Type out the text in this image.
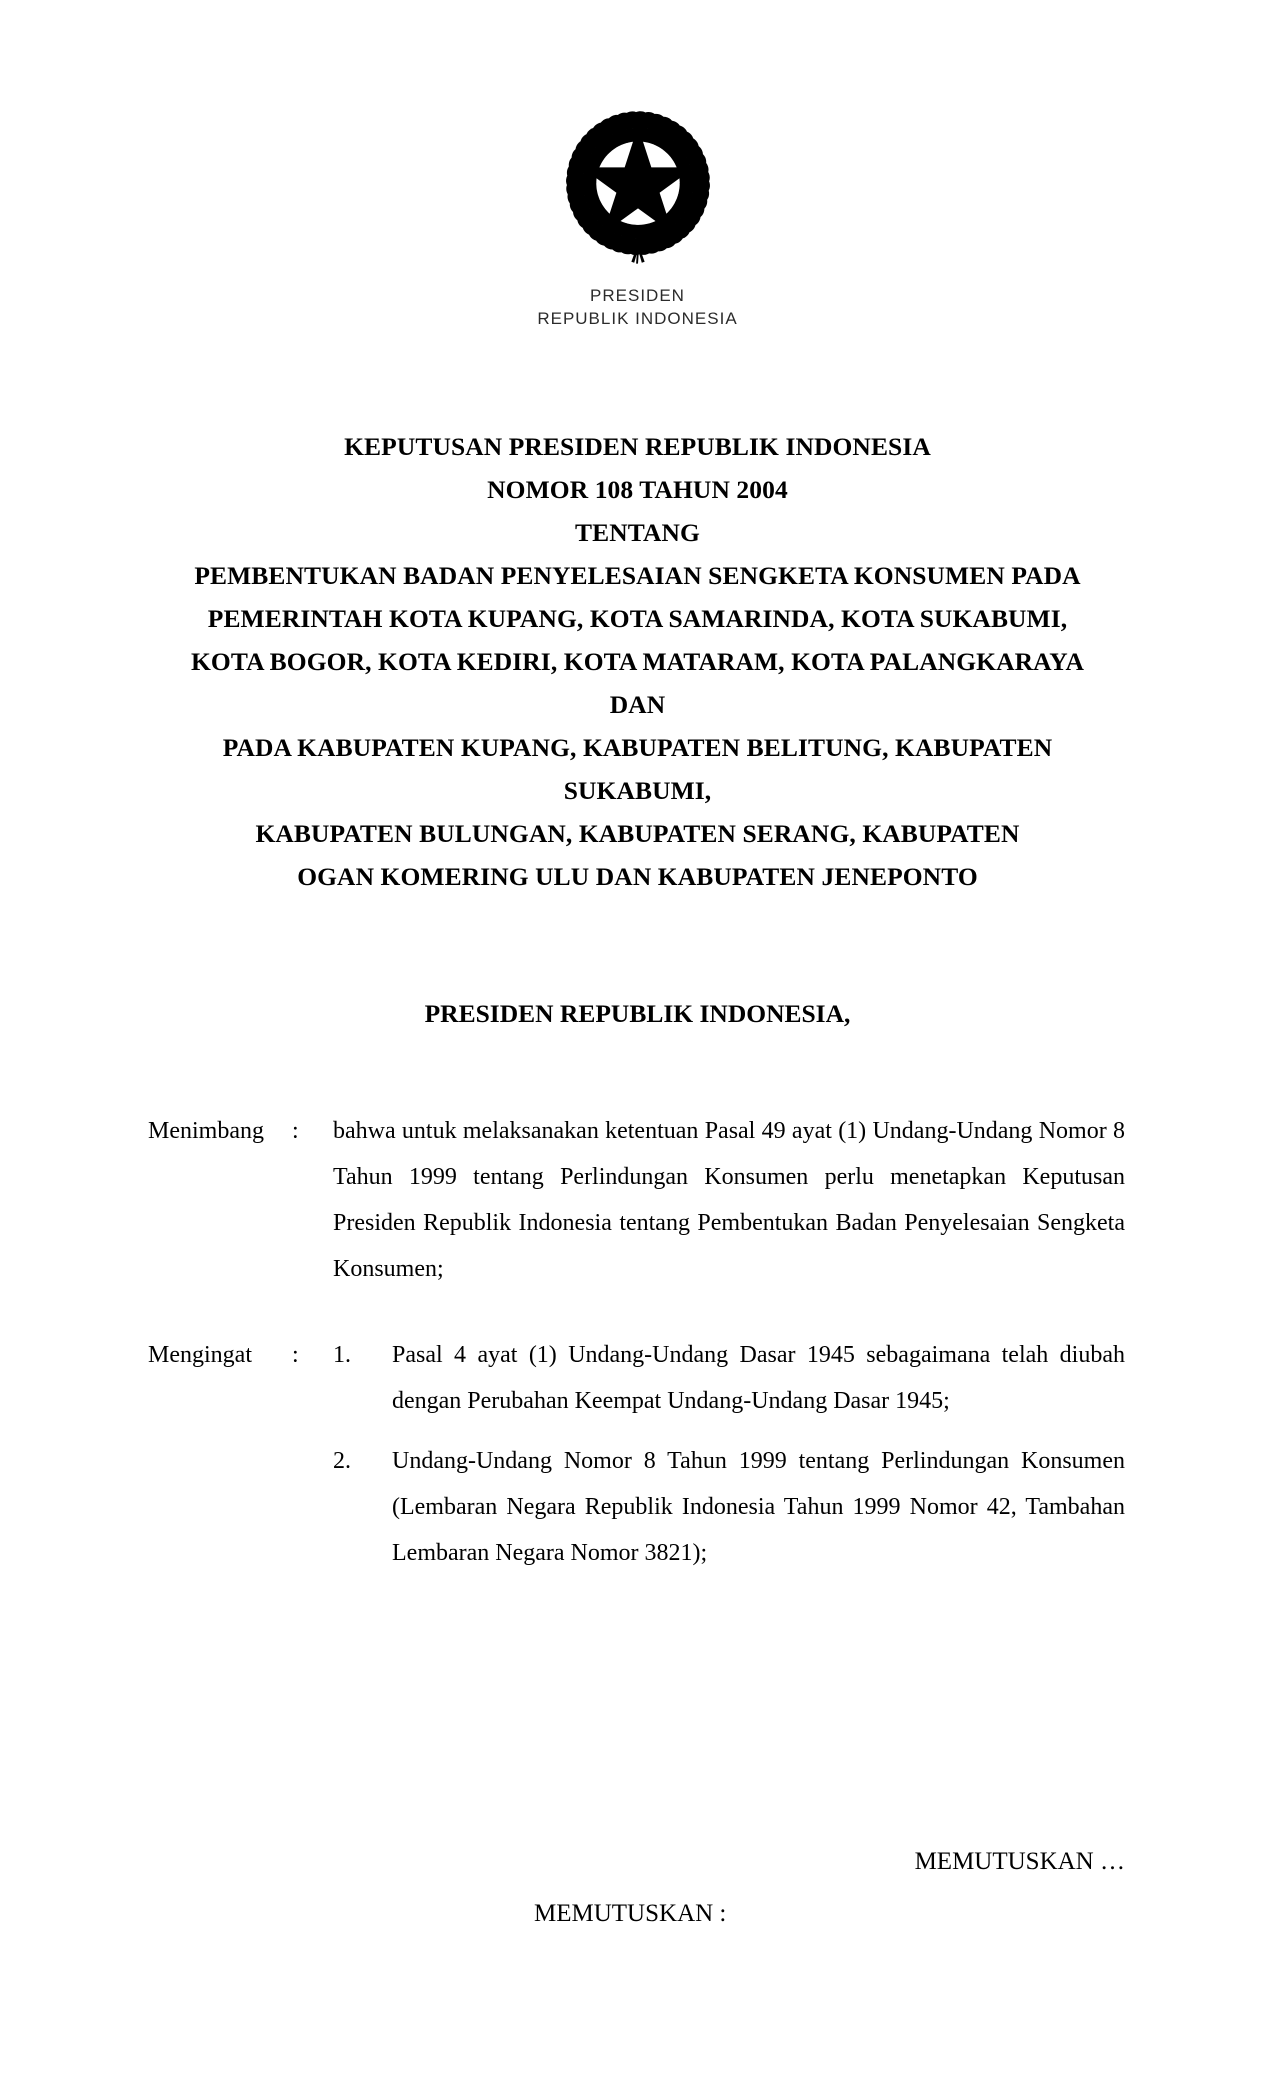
PRESIDEN
REPUBLIK INDONESIA
KEPUTUSAN PRESIDEN REPUBLIK INDONESIA
NOMOR 108 TAHUN 2004
TENTANG
PEMBENTUKAN BADAN PENYELESAIAN SENGKETA KONSUMEN PADA
PEMERINTAH KOTA KUPANG, KOTA SAMARINDA, KOTA SUKABUMI,
KOTA BOGOR, KOTA KEDIRI, KOTA MATARAM, KOTA PALANGKARAYA
DAN
PADA KABUPATEN KUPANG, KABUPATEN BELITUNG, KABUPATEN
SUKABUMI,
KABUPATEN BULUNGAN, KABUPATEN SERANG, KABUPATEN
OGAN KOMERING ULU DAN KABUPATEN JENEPONTO
PRESIDEN REPUBLIK INDONESIA,
Menimbang	: bahwa untuk melaksanakan ketentuan Pasal 49 ayat (1) Undang-Undang Nomor 8 Tahun 1999 tentang Perlindungan Konsumen perlu menetapkan Keputusan Presiden Republik Indonesia tentang Pembentukan Badan Penyelesaian Sengketa Konsumen;
Mengingat	: 1.	Pasal 4 ayat (1) Undang-Undang Dasar 1945 sebagaimana telah diubah dengan Perubahan Keempat Undang-Undang Dasar 1945;
2.	Undang-Undang Nomor 8 Tahun 1999 tentang Perlindungan Konsumen (Lembaran Negara Republik Indonesia Tahun 1999 Nomor 42, Tambahan Lembaran Negara Nomor 3821);
MEMUTUSKAN …
MEMUTUSKAN :
